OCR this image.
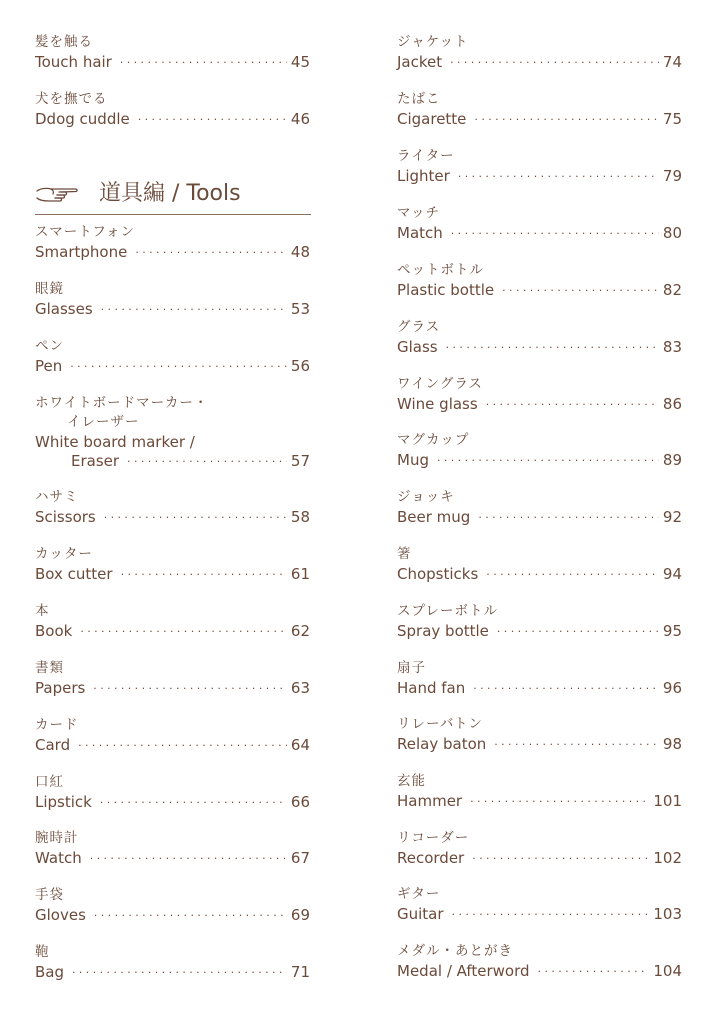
髪を触る
Touch hair ·····	45
犬を撫でる
Ddog cuddle ·····	46
道具編 / Tools
スマートフォン
Smartphone ·····	48
眼鏡
Glasses ·····	53
ペン
Pen ·····	56
ホワイトボードマーカー・
イレーザー
White board marker /
Eraser ·····	57
ハサミ
Scissors ·····	58
カッター
Box cutter ·····	61
本
Book ·····	62
書類
Papers ·····	63
カード
Card ·····	64
口紅
Lipstick ·····	66
腕時計
Watch ·····	67
手袋
Gloves ·····	69
鞄
Bag ·····	71
ジャケット
Jacket ·····	74
たばこ
Cigarette ·····	75
ライター
Lighter ·····	79
マッチ
Match ·····	80
ペットボトル
Plastic bottle ·····	82
グラス
Glass ·····	83
ワイングラス
Wine glass ·····	86
マグカップ
Mug ·····	89
ジョッキ
Beer mug ·····	92
箸
Chopsticks ·····	94
スプレーボトル
Spray bottle ·····	95
扇子
Hand fan ·····	96
リレーバトン
Relay baton ·····	98
玄能
Hammer ·····	101
リコーダー
Recorder ·····	102
ギター
Guitar ·····	103
メダル・あとがき
Medal / Afterword ·····	104
